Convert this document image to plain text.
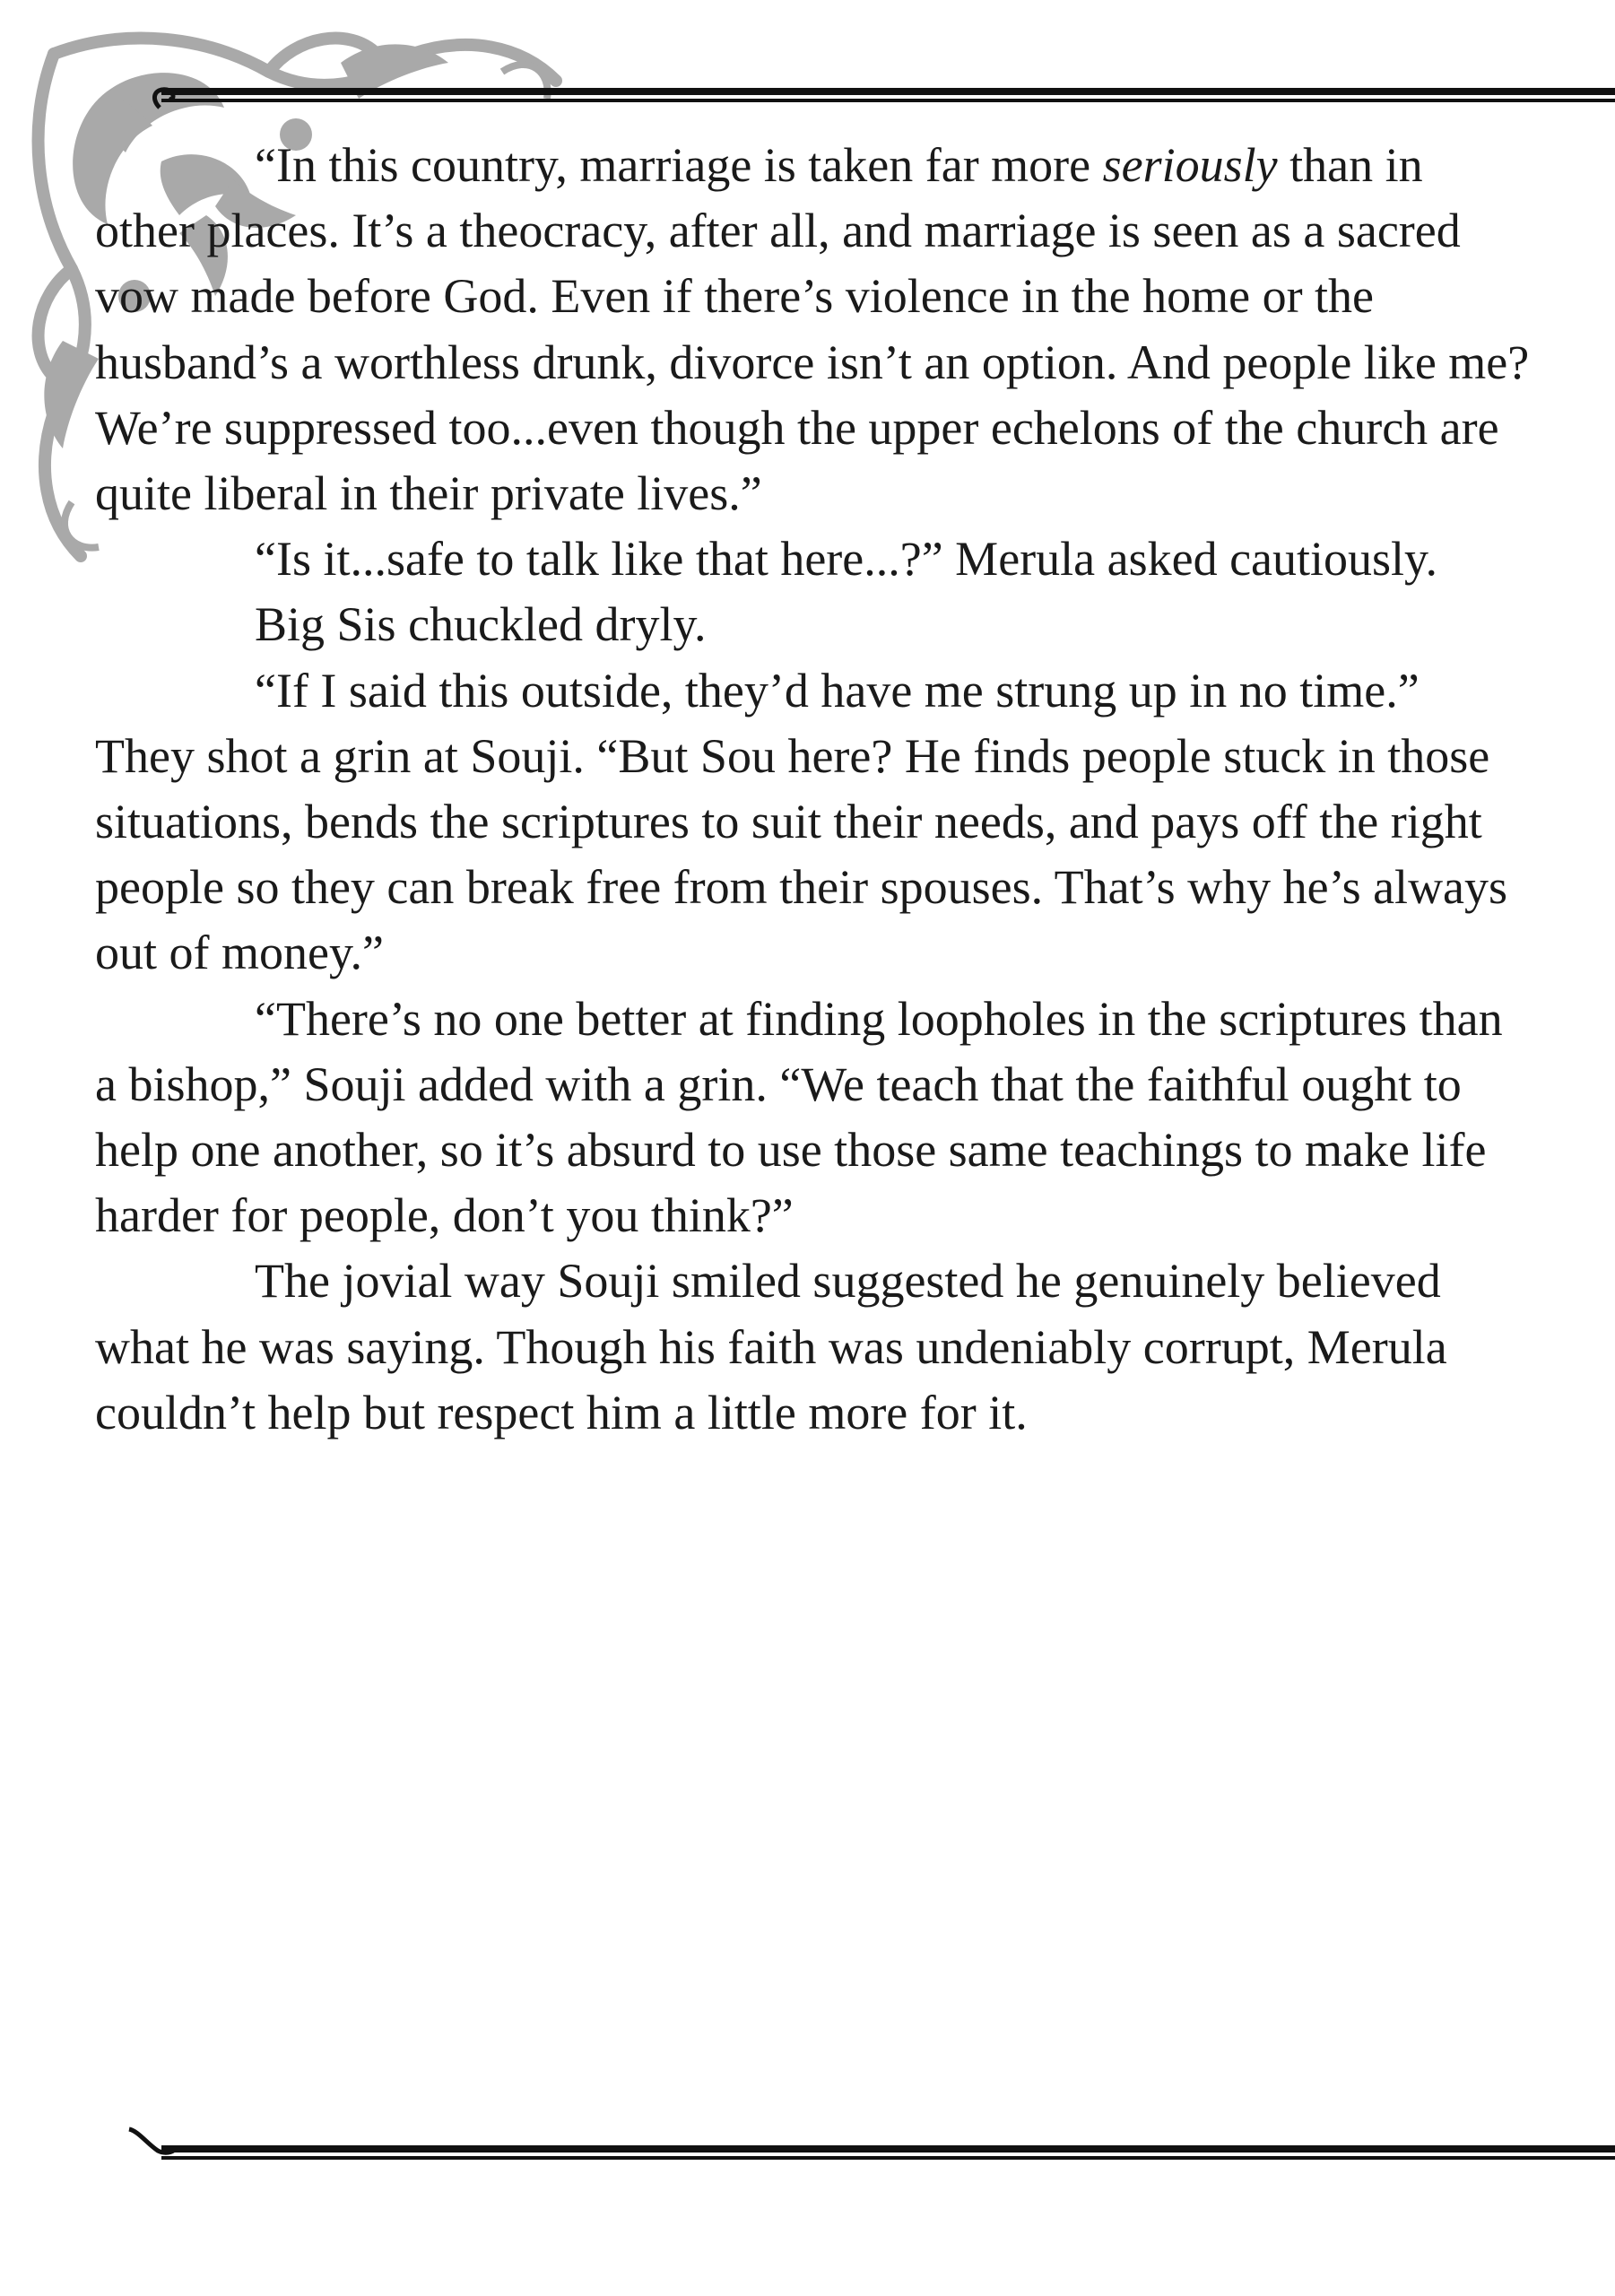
“In this country, marriage is taken far more seriously than in other places. It’s a theocracy, after all, and marriage is seen as a sacred vow made before God. Even if there’s violence in the home or the husband’s a worthless drunk, divorce isn’t an option. And people like me? We’re suppressed too...even though the upper echelons of the church are quite liberal in their private lives.”

“Is it...safe to talk like that here...?” Merula asked cautiously.

Big Sis chuckled dryly.

“If I said this outside, they’d have me strung up in no time.” They shot a grin at Souji. “But Sou here? He finds people stuck in those situations, bends the scriptures to suit their needs, and pays off the right people so they can break free from their spouses. That’s why he’s always out of money.”

“There’s no one better at finding loopholes in the scriptures than a bishop,” Souji added with a grin. “We teach that the faithful ought to help one another, so it’s absurd to use those same teachings to make life harder for people, don’t you think?”

The jovial way Souji smiled suggested he genuinely believed what he was saying. Though his faith was undeniably corrupt, Merula couldn’t help but respect him a little more for it.
